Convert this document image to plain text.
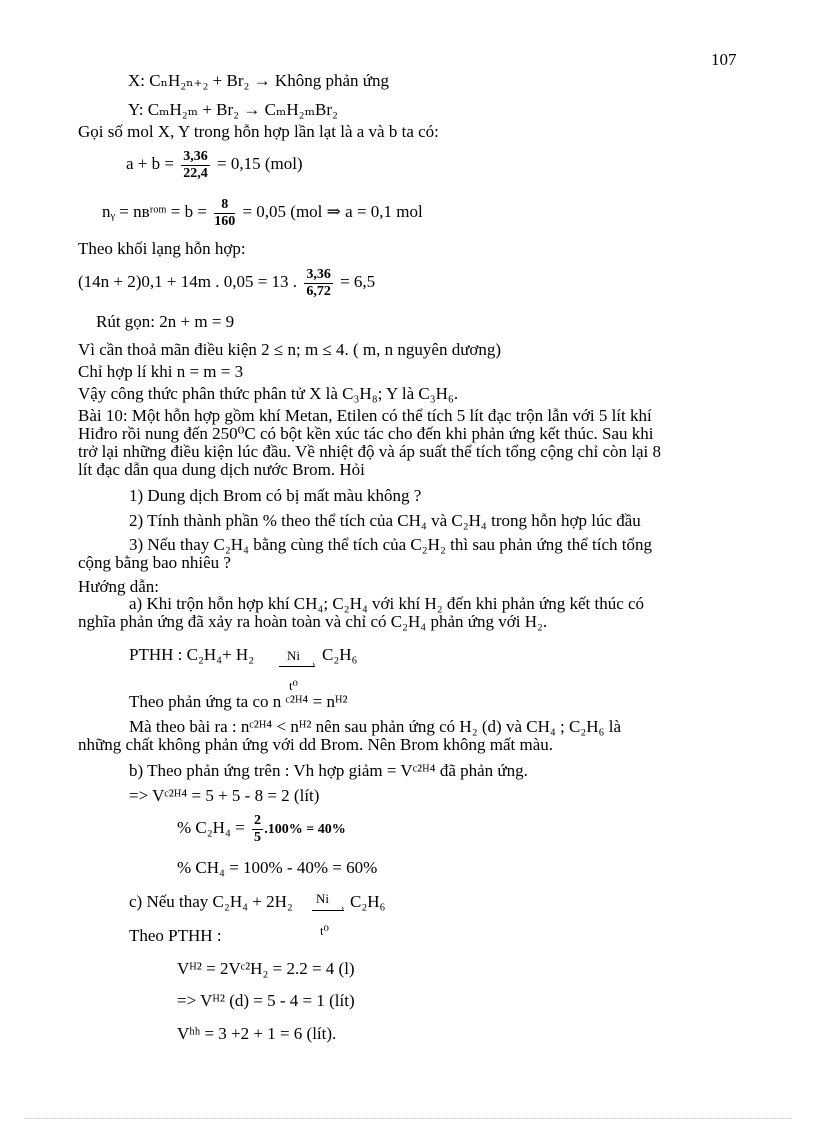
107
X: CₙH₂ₙ₊₂ + Br₂ → Không phản ứng
Y: CₘH₂ₘ + Br₂ → CₘH₂ₘBr₂
Gọi số mol X, Y trong hỗn hợp lần lạt là a và b ta có:
$a + b = \frac{3,36}{22,4} = 0,15$ (mol)
nᵧ = nʙʳᵒᵐ = $b = \frac{8}{160} = 0,05$ (mol ⇒ a = 0,1 mol
Theo khối lạng hỗn hợp:
(14n + 2)0,1 + 14m . 0,05 = 13 . $\frac{3,36}{6,72} = 6,5$
Rút gọn: 2n + m = 9
Vì cần thoả mãn điều kiện 2 ≤ n; m ≤ 4. ( m, n nguyên dương)
Chỉ hợp lí khi n = m = 3
Vậy công thức phân thức phân tử X là C₃H₈; Y là C₃H₆.
Bài 10: Một hỗn hợp gồm khí Metan, Etilen có thể tích 5 lít đạc trộn lẫn với 5 lít khí
Hiđro rồi nung đến 250⁰C có bột kền xúc tác cho đến khi phản ứng kết thúc. Sau khi
trở lại những điều kiện lúc đầu. Về nhiệt độ và áp suất thể tích tổng cộng chỉ còn lại 8
lít đạc dẫn qua dung dịch nước Brom. Hỏi
1) Dung dịch Brom có bị mất màu không ?
2) Tính thành phần % theo thể tích của CH₄ và C₂H₄ trong hỗn hợp lúc đầu
3) Nếu thay C₂H₄ bằng cùng thể tích của C₂H₂ thì sau phản ứng thể tích tổng
cộng bằng bao nhiêu ?
Hướng dẫn:
a) Khi trộn hỗn hợp khí CH₄; C₂H₄ với khí H₂ đến khi phản ứng kết thúc có
nghĩa phản ứng đã xảy ra hoàn toàn và chỉ có C₂H₄ phản ứng với H₂.
PTHH : C₂H₄+ H₂	Ni
›
t⁰
C₂H₆
Theo phản ứng ta co n ᶜ²ᴴ⁴ = nᴴ²
Mà theo bài ra : nᶜ²ᴴ⁴ < nᴴ² nên sau phản ứng có H₂ (d) và CH₄ ; C₂H₆ là
những chất không phản ứng với dd Brom. Nên Brom không mất màu.
b) Theo phản ứng trên : Vh hợp giảm = Vᶜ²ᴴ⁴ đã phản ứng.
=> Vᶜ²ᴴ⁴ = 5 + 5 - 8 = 2 (lít)
% $C_2H_4 = \frac{2}{5} .100\% = 40\%$
% CH₄ = 100% - 40% = 60%
c) Nếu thay C₂H₄ + 2H₂ Ni
›
t⁰
C₂H₆
Theo PTHH :
Vᴴ² = 2Vᶜ²H₂ = 2.2 = 4 (l)
=> Vᴴ² (d) = 5 - 4 = 1 (lít)
Vʰʰ = 3 +2 + 1 = 6 (lít).
